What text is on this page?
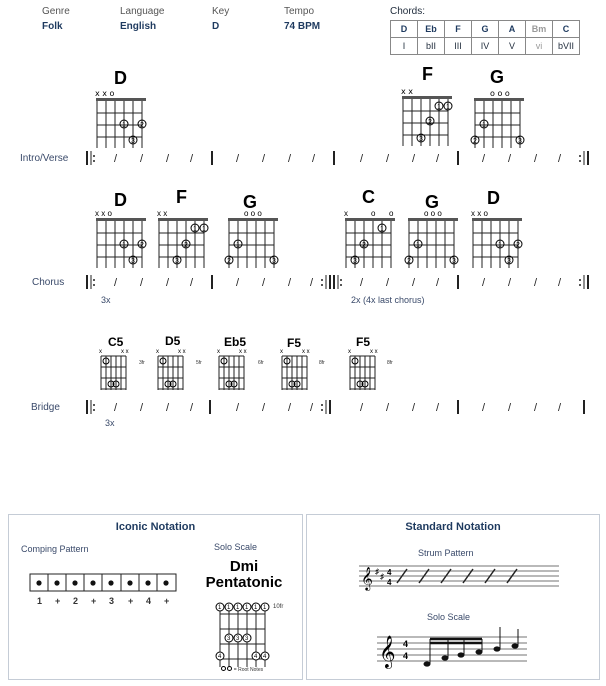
Genre
Folk
Language
English
Key
D
Tempo
74 BPM
Chords:
D	Eb	F	G	A	Bm	C
I	bII	III	IV	V	vi	bVII
D	F	G
x x o
1 2
3
x x
1 1
2
3
o o o
1
2	3
Intro/Verse	/ / / /	/ / / /	/ / / /	/ / / /
D	F	G	C	G	D
x x o
1 2
3
x x
1 1
2
3
o o o
1
2	3
x	o o
1
2
3
o o o
1
2	3
x x o
1 2
3
Chorus	/ / / /	/ / / /	/ / / /	/ / / /
3x	2x (4x last chorus)
C5	D5	Eb5	F5	F5
x	x x
3fr
x	x x
5fr
x	x x
6fr
x	x x
8fr
x	x x
8fr
Bridge	/ / / /	/ / / /	/ / / /	/ / / /
3x
Iconic Notation
Comping Pattern
1 + 2 + 3 + 4 +
Solo Scale
Dmi
Pentatonic
1 1 1 1 1 1
3 3 3
4	4 4
10fr
= Root Notes
Standard Notation
Strum Pattern
𝄞 ♯
♯ 4
4
Solo Scale
𝄞 4
4
